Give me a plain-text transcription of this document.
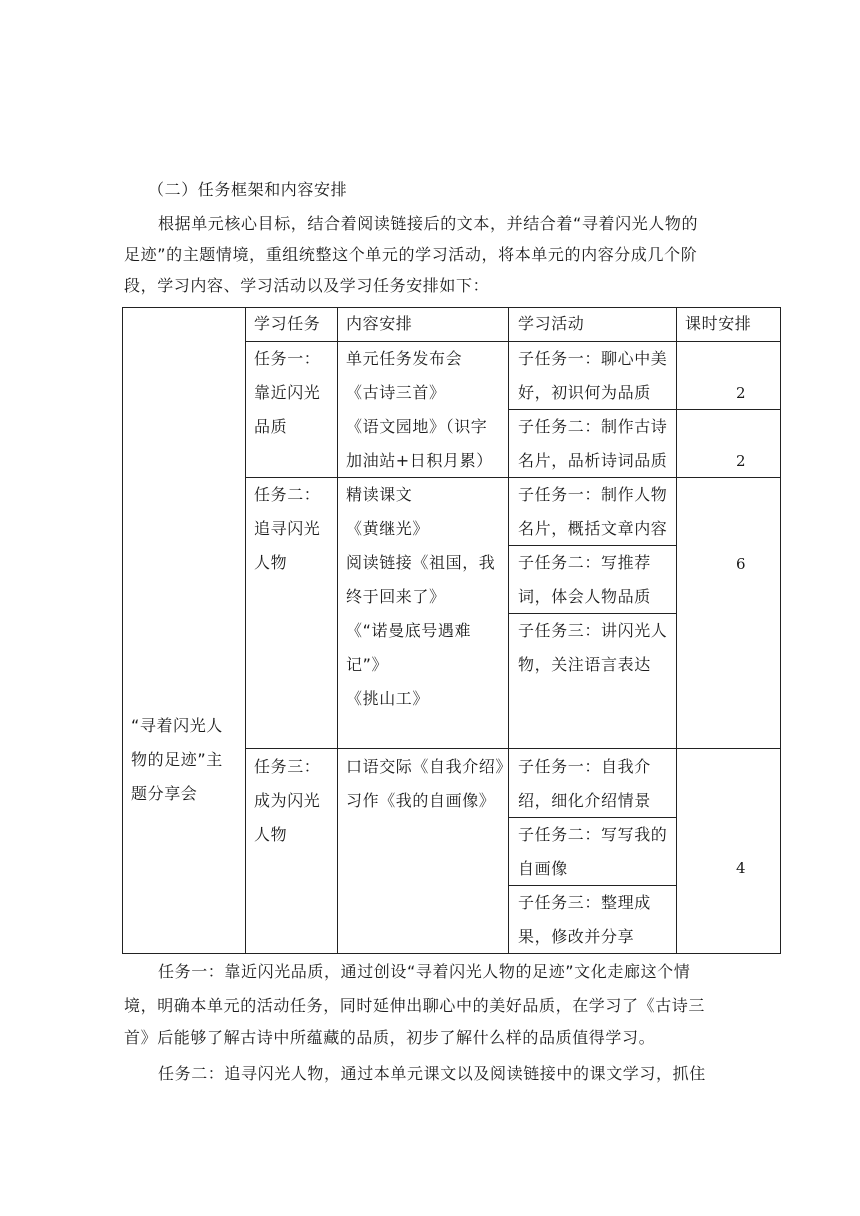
（二）任务框架和内容安排
根据单元核心目标，结合着阅读链接后的文本，并结合着“寻着闪光人物的
足迹”的主题情境，重组统整这个单元的学习活动，将本单元的内容分成几个阶
段，学习内容、学习活动以及学习任务安排如下：
学习任务 内容安排	学习活动	课时安排
“寻着闪光人
物的足迹”主
题分享会
任务一：
靠近闪光
品质
单元任务发布会
《古诗三首》
《语文园地》（识字
加油站+日积月累）
子任务一：聊心中美
好，初识何为品质
子任务二：制作古诗
名片，品析诗词品质
2
2
任务二：
追寻闪光
人物
精读课文
《黄继光》
阅读链接《祖国，我
终于回来了》
《“诺曼底号遇难
记”》
《挑山工》
子任务一：制作人物
名片，概括文章内容
子任务二：写推荐
词，体会人物品质
子任务三：讲闪光人
物，关注语言表达
6
任务三：
成为闪光
人物
口语交际《自我介绍》
习作《我的自画像》
子任务一：自我介
绍，细化介绍情景
子任务二：写写我的
自画像
子任务三：整理成
果，修改并分享
4
任务一：靠近闪光品质，通过创设“寻着闪光人物的足迹”文化走廊这个情
境，明确本单元的活动任务，同时延伸出聊心中的美好品质，在学习了《古诗三
首》后能够了解古诗中所蕴藏的品质，初步了解什么样的品质值得学习。
任务二：追寻闪光人物，通过本单元课文以及阅读链接中的课文学习，抓住
